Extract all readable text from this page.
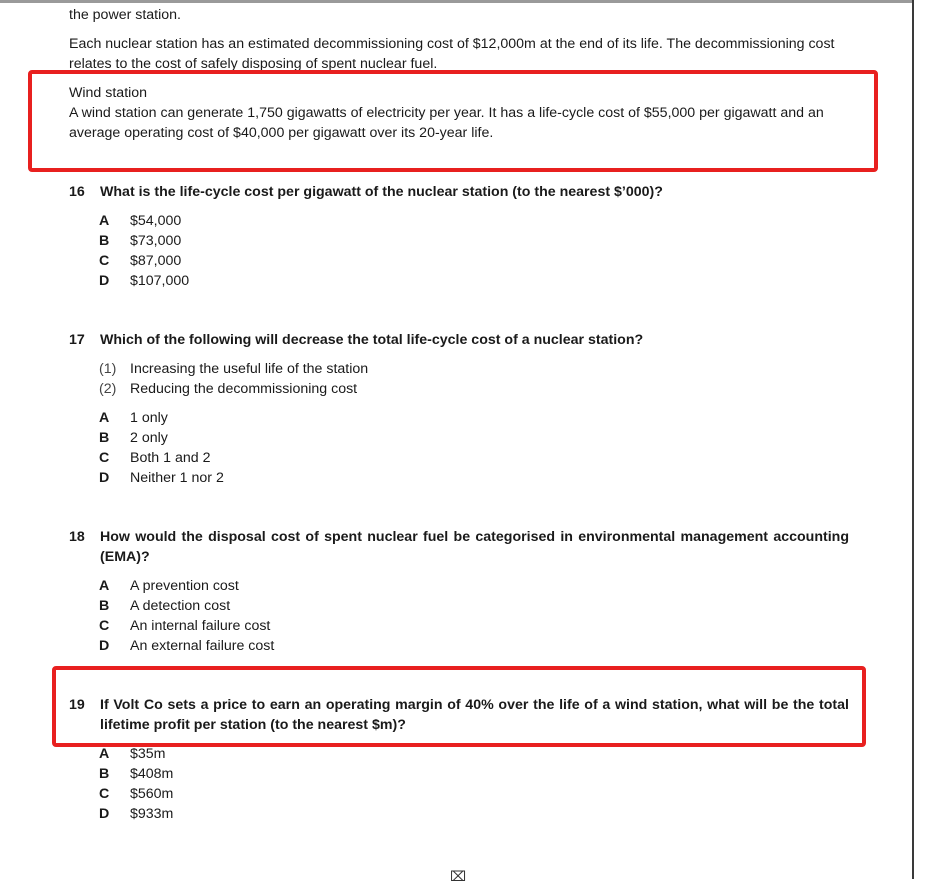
the power station.
Each nuclear station has an estimated decommissioning cost of $12,000m at the end of its life. The decommissioning cost
relates to the cost of safely disposing of spent nuclear fuel.
Wind station
A wind station can generate 1,750 gigawatts of electricity per year. It has a life-cycle cost of $55,000 per gigawatt and an
average operating cost of $40,000 per gigawatt over its 20-year life.
16 What is the life-cycle cost per gigawatt of the nuclear station (to the nearest $’000)?
A	$54,000
B	$73,000
C	$87,000
D	$107,000
17 Which of the following will decrease the total life-cycle cost of a nuclear station?
(1) Increasing the useful life of the station
(2) Reducing the decommissioning cost
A	1 only
B	2 only
C	Both 1 and 2
D	Neither 1 nor 2
18 How would the disposal cost of spent nuclear fuel be categorised in environmental management accounting (EMA)?
A	A prevention cost
B	A detection cost
C	An internal failure cost
D	An external failure cost
19 If Volt Co sets a price to earn an operating margin of 40% over the life of a wind station, what will be the total lifetime profit per station (to the nearest $m)?
A	$35m
B	$408m
C	$560m
D	$933m
⌧
